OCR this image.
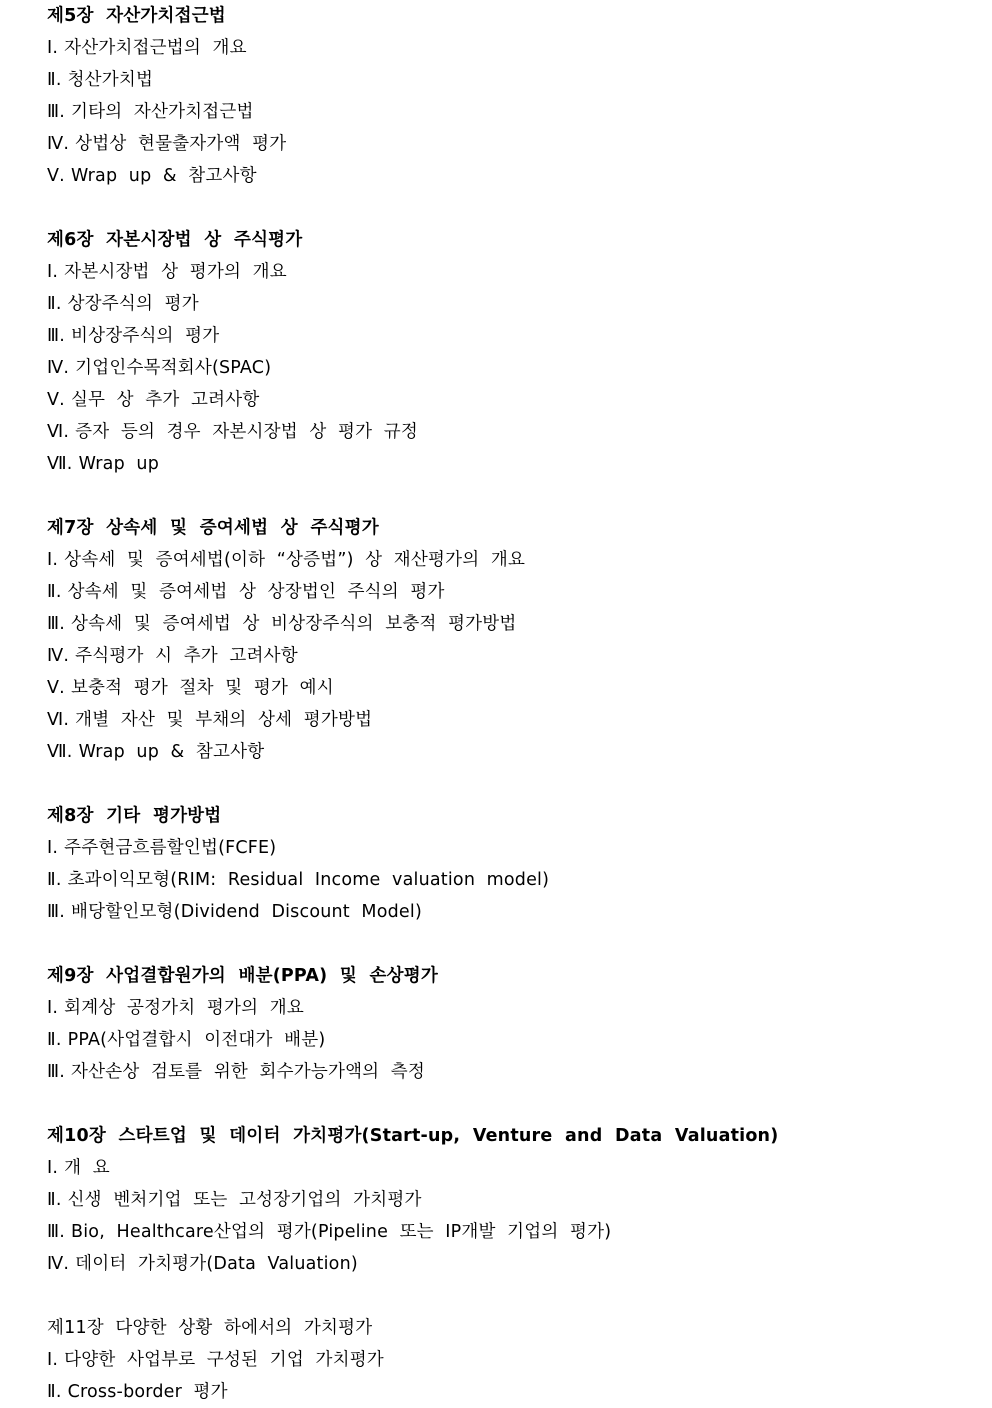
제5장  자산가치접근법
Ⅰ. 자산가치접근법의  개요
Ⅱ. 청산가치법
Ⅲ. 기타의  자산가치접근법
Ⅳ. 상법상  현물출자가액  평가
Ⅴ. Wrap  up  &  참고사항
제6장  자본시장법  상  주식평가
Ⅰ. 자본시장법  상  평가의  개요
Ⅱ. 상장주식의  평가
Ⅲ. 비상장주식의  평가
Ⅳ. 기업인수목적회사(SPAC)
Ⅴ. 실무  상  추가  고려사항
Ⅵ. 증자  등의  경우  자본시장법  상  평가  규정
Ⅶ. Wrap  up
제7장  상속세  및  증여세법  상  주식평가
Ⅰ. 상속세  및  증여세법(이하  “상증법”)  상  재산평가의  개요
Ⅱ. 상속세  및  증여세법  상  상장법인  주식의  평가
Ⅲ. 상속세  및  증여세법  상  비상장주식의  보충적  평가방법
Ⅳ. 주식평가  시  추가  고려사항
Ⅴ. 보충적  평가  절차  및  평가  예시
Ⅵ. 개별  자산  및  부채의  상세  평가방법
Ⅶ. Wrap  up  &  참고사항
제8장  기타  평가방법
Ⅰ. 주주현금흐름할인법(FCFE)
Ⅱ. 초과이익모형(RIM:  Residual  Income  valuation  model)
Ⅲ. 배당할인모형(Dividend  Discount  Model)
제9장  사업결합원가의  배분(PPA)  및  손상평가
Ⅰ. 회계상  공정가치  평가의  개요
Ⅱ. PPA(사업결합시  이전대가  배분)
Ⅲ. 자산손상  검토를  위한  회수가능가액의  측정
제10장  스타트업  및  데이터  가치평가(Start-up,  Venture  and  Data  Valuation)
Ⅰ. 개  요
Ⅱ. 신생  벤처기업  또는  고성장기업의  가치평가
Ⅲ. Bio,  Healthcare산업의  평가(Pipeline  또는  IP개발  기업의  평가)
Ⅳ. 데이터  가치평가(Data  Valuation)
제11장  다양한  상황  하에서의  가치평가
Ⅰ. 다양한  사업부로  구성된  기업  가치평가
Ⅱ. Cross-border  평가
